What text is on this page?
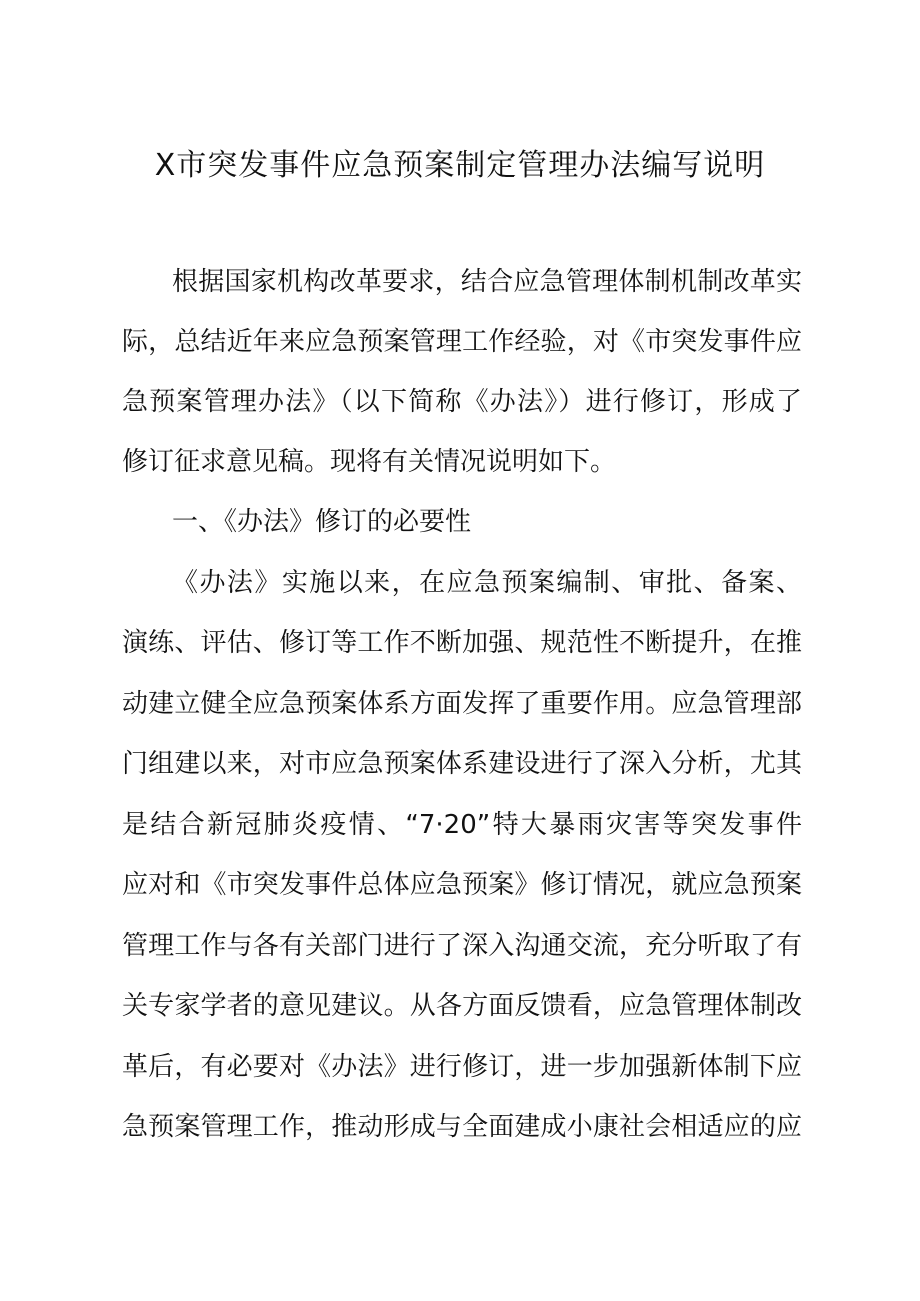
X市突发事件应急预案制定管理办法编写说明
根据国家机构改革要求，结合应急管理体制机制改革实
际，总结近年来应急预案管理工作经验，对《市突发事件应
急预案管理办法》（以下简称《办法》）进行修订，形成了
修订征求意见稿。现将有关情况说明如下。
一、《办法》修订的必要性
《办法》实施以来，在应急预案编制、审批、备案、
演练、评估、修订等工作不断加强、规范性不断提升，在推
动建立健全应急预案体系方面发挥了重要作用。应急管理部
门组建以来，对市应急预案体系建设进行了深入分析，尤其
是结合新冠肺炎疫情、“7·20”特大暴雨灾害等突发事件
应对和《市突发事件总体应急预案》修订情况，就应急预案
管理工作与各有关部门进行了深入沟通交流，充分听取了有
关专家学者的意见建议。从各方面反馈看，应急管理体制改
革后，有必要对《办法》进行修订，进一步加强新体制下应
急预案管理工作，推动形成与全面建成小康社会相适应的应
